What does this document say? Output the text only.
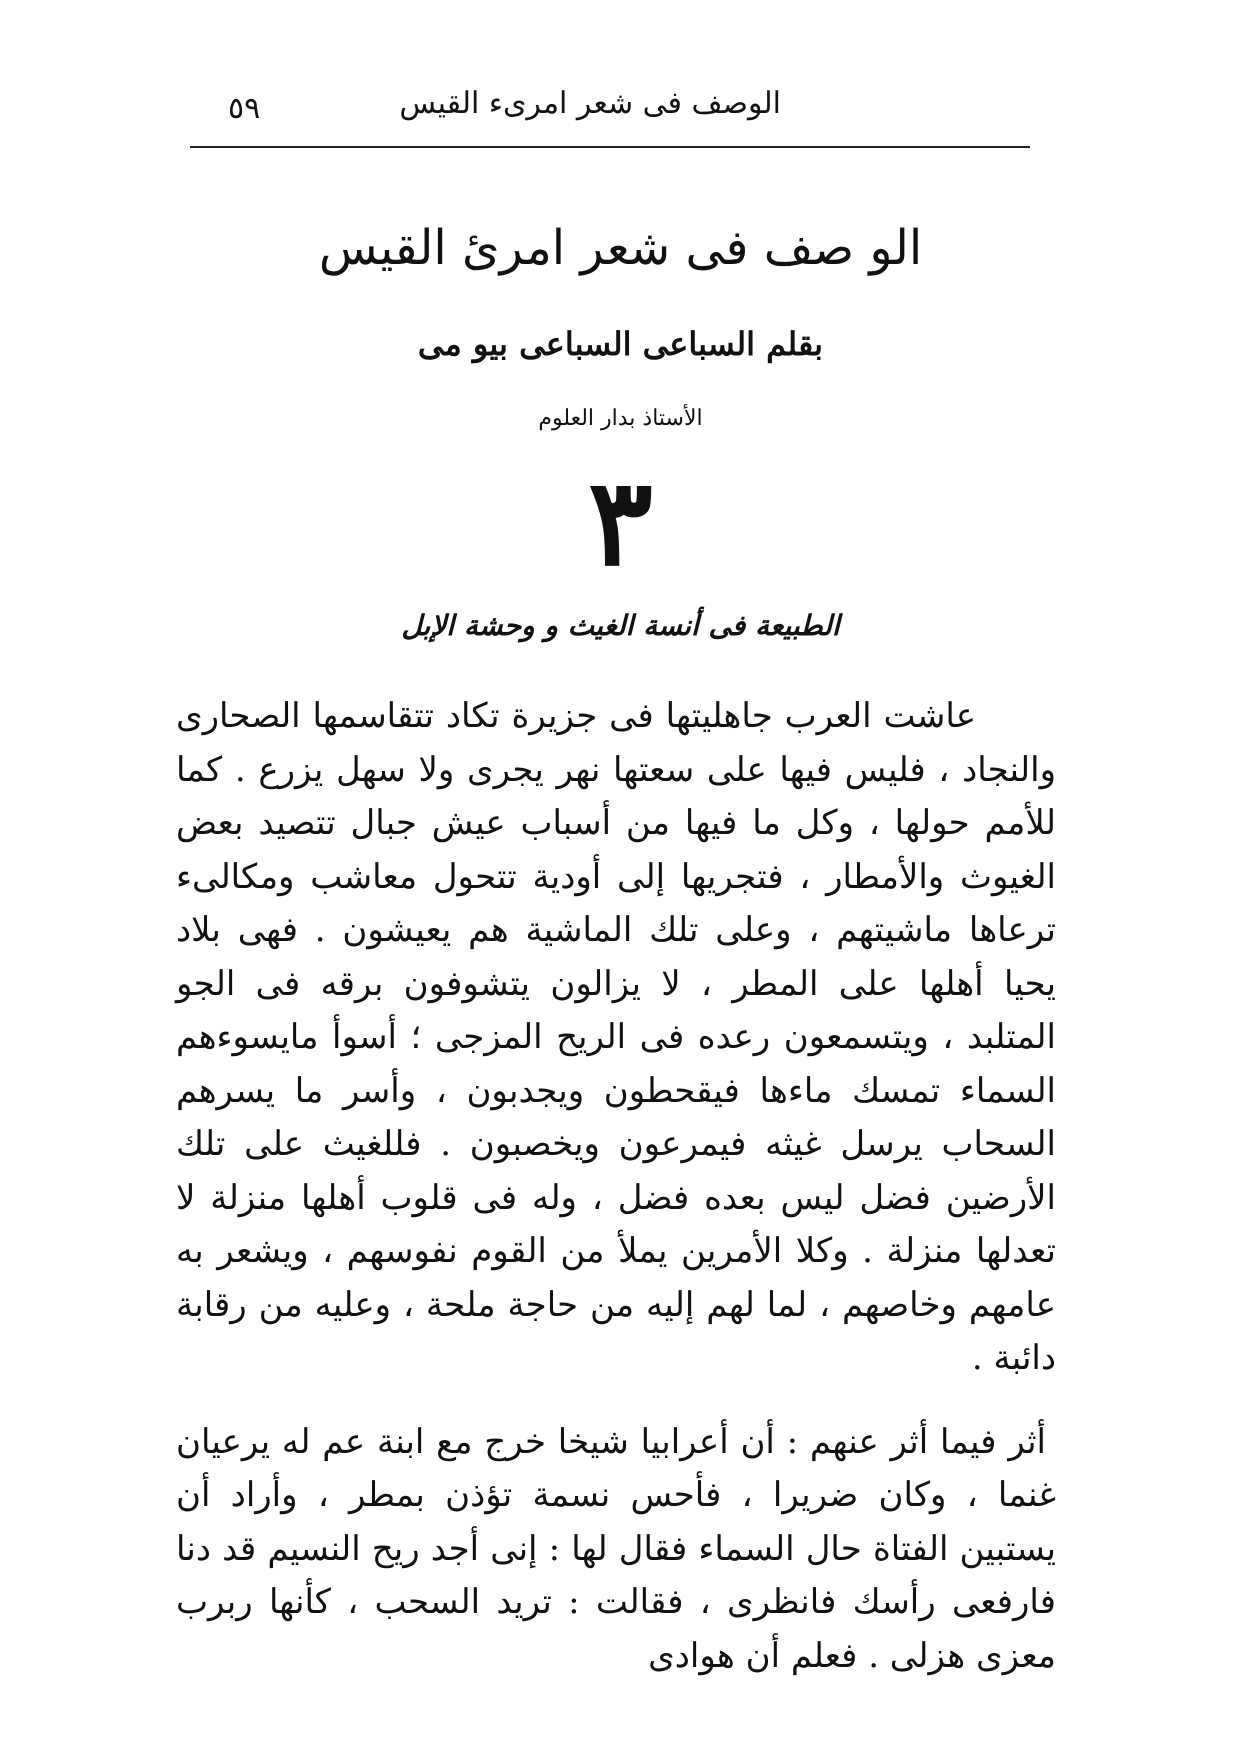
الوصف فى شعر امرىء القيس
٥٩
الو صف فى شعر امرئ القيس
بقلم السباعى السباعى بيو مى
الأستاذ بدار العلوم
٣
الطبيعة فى أنسة الغيث و وحشة الإبل

عاشت العرب جاهليتها فى جزيرة تكاد تتقاسمها الصحارى والنجاد ، فليس فيها على سعتها نهر يجرى ولا سهل يزرع . كما للأمم حولها ، وكل ما فيها من أسباب عيش جبال تتصيد بعض الغيوث والأمطار ، فتجريها إلى أودية تتحول معاشب ومكالىء ترعاها ماشيتهم ، وعلى تلك الماشية هم يعيشون . فهى بلاد يحيا أهلها على المطر ، لا يزالون يتشوفون برقه فى الجو المتلبد ، ويتسمعون رعده فى الريح المزجى ؛ أسوأ مايسوءهم السماء تمسك ماءها فيقحطون ويجدبون ، وأسر ما يسرهم السحاب يرسل غيثه فيمرعون ويخصبون . فللغيث على تلك الأرضين فضل ليس بعده فضل ، وله فى قلوب أهلها منزلة لا تعدلها منزلة . وكلا الأمرين يملأ من القوم نفوسهم ، ويشعر به عامهم وخاصهم ، لما لهم إليه من حاجة ملحة ، وعليه من رقابة دائبة .

أثر فيما أثر عنهم : أن أعرابيا شيخا خرج مع ابنة عم له يرعيان غنما ، وكان ضريرا ، فأحس نسمة تؤذن بمطر ، وأراد أن يستبين الفتاة حال السماء فقال لها : إنى أجد ريح النسيم قد دنا فارفعى رأسك فانظرى ، فقالت : تريد السحب ، كأنها ربرب معزى هزلى . فعلم أن هوادى
